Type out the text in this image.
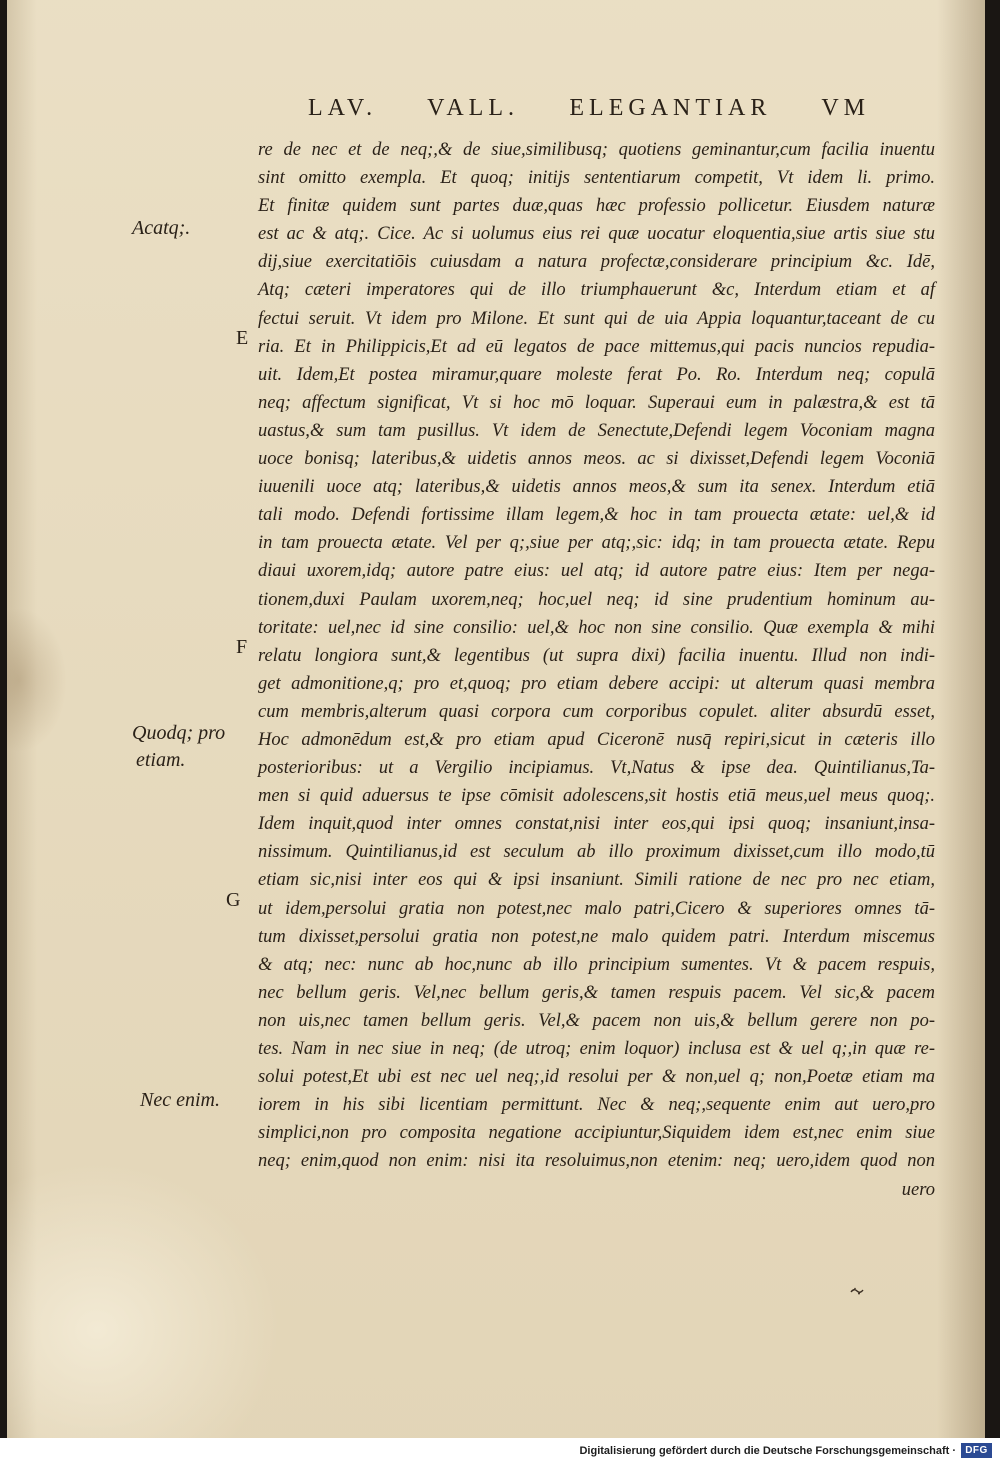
LAV. VALL. ELEGANTIAR VM
Acatq;.
E
F
Quodq; pro
etiam.
G
Nec enim.
re de nec et de neq;,& de siue,similibusq; quotiens geminantur,cum facilia inuentu
sint omitto exempla. Et quoq; initijs sententiarum competit, Vt idem li. primo.
Et finitæ quidem sunt partes duæ,quas hæc professio pollicetur. Eiusdem naturæ
est ac & atq;. Cice. Ac si uolumus eius rei quæ uocatur eloquentia,siue artis siue stu
dij,siue exercitatiōis cuiusdam a natura profectæ,considerare principium &c. Idē,
Atq; cæteri imperatores qui de illo triumphauerunt &c, Interdum etiam et af
fectui seruit. Vt idem pro Milone. Et sunt qui de uia Appia loquantur,taceant de cu
ria. Et in Philippicis,Et ad eū legatos de pace mittemus,qui pacis nuncios repudia-
uit. Idem,Et postea miramur,quare moleste ferat Po. Ro. Interdum neq; copulā
neq; affectum significat, Vt si hoc mō loquar. Superaui eum in palæstra,& est tā
uastus,& sum tam pusillus. Vt idem de Senectute,Defendi legem Voconiam magna
uoce bonisq; lateribus,& uidetis annos meos. ac si dixisset,Defendi legem Voconiā
iuuenili uoce atq; lateribus,& uidetis annos meos,& sum ita senex. Interdum etiā
tali modo. Defendi fortissime illam legem,& hoc in tam prouecta ætate: uel,& id
in tam prouecta ætate. Vel per q;,siue per atq;,sic: idq; in tam prouecta ætate. Repu
diaui uxorem,idq; autore patre eius: uel atq; id autore patre eius: Item per nega-
tionem,duxi Paulam uxorem,neq; hoc,uel neq; id sine prudentium hominum au-
toritate: uel,nec id sine consilio: uel,& hoc non sine consilio. Quæ exempla & mihi
relatu longiora sunt,& legentibus (ut supra dixi) facilia inuentu. Illud non indi-
get admonitione,q; pro et,quoq; pro etiam debere accipi: ut alterum quasi membra
cum membris,alterum quasi corpora cum corporibus copulet. aliter absurdū esset,
Hoc admonēdum est,& pro etiam apud Ciceronē nusq̄ repiri,sicut in cæteris illo
posterioribus: ut a Vergilio incipiamus. Vt,Natus & ipse dea. Quintilianus,Ta-
men si quid aduersus te ipse cōmisit adolescens,sit hostis etiā meus,uel meus quoq;.
Idem inquit,quod inter omnes constat,nisi inter eos,qui ipsi quoq; insaniunt,insa-
nissimum. Quintilianus,id est seculum ab illo proximum dixisset,cum illo modo,tū
etiam sic,nisi inter eos qui & ipsi insaniunt. Simili ratione de nec pro nec etiam,
ut idem,persolui gratia non potest,nec malo patri,Cicero & superiores omnes tā-
tum dixisset,persolui gratia non potest,ne malo quidem patri. Interdum miscemus
& atq; nec: nunc ab hoc,nunc ab illo principium sumentes. Vt & pacem respuis,
nec bellum geris. Vel,nec bellum geris,& tamen respuis pacem. Vel sic,& pacem
non uis,nec tamen bellum geris. Vel,& pacem non uis,& bellum gerere non po-
tes. Nam in nec siue in neq; (de utroq; enim loquor) inclusa est & uel q;,in quæ re-
solui potest,Et ubi est nec uel neq;,id resolui per & non,uel q; non,Poetæ etiam ma
iorem in his sibi licentiam permittunt. Nec & neq;,sequente enim aut uero,pro
simplici,non pro composita negatione accipiuntur,Siquidem idem est,nec enim siue
neq; enim,quod non enim: nisi ita resoluimus,non etenim: neq; uero,idem quod non
uero
Digitalisierung gefördert durch die Deutsche Forschungsgemeinschaft · DFG
